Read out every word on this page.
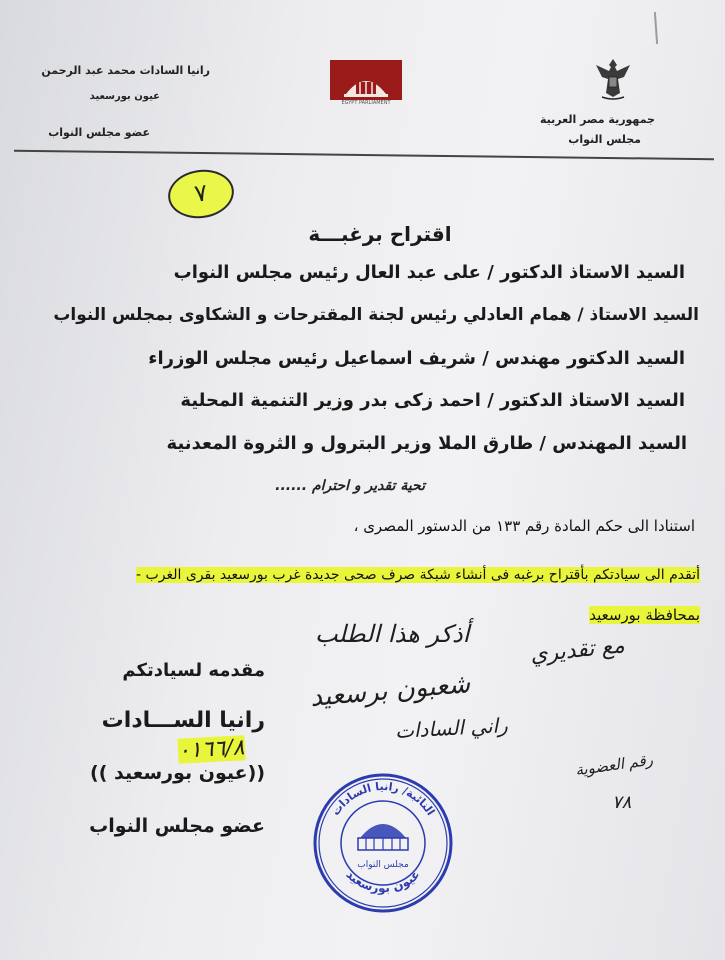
جمهورية مصر العربية
مجلس النواب
EGYPT PARLIAMENT
رانيا السادات محمد عبد الرحمن
عيون بورسعيد
عضو مجلس النواب
٧
اقتراح برغبـــة
السيد الاستاذ الدكتور / على عبد العال رئيس مجلس النواب
السيد الاستاذ / همام العادلي رئيس لجنة المقترحات و الشكاوى بمجلس النواب
السيد الدكتور مهندس / شريف اسماعيل رئيس مجلس الوزراء
السيد الاستاذ الدكتور / احمد زكى بدر وزير التنمية المحلية
السيد المهندس / طارق الملا وزير البترول و الثروة المعدنية
تحية تقدير و احترام ......
استنادا الى حكم المادة رقم ١٣٣ من الدستور المصرى ،
أتقدم الى سيادتكم بأقتراح برغبه فى أنشاء شبكة صرف صحى جديدة غرب بورسعيد بقرى الغرب -
بمحافظة بورسعيد
مقدمه لسيادتكم
رانيا الســـادات
((عيون بورسعيد ))
عضو مجلس النواب
أذكر هذا الطلب	مع تقديري
شعبون برسعيد
راني السادات
رقم العضوية
٠١٦٦/٨
٧٨
النائبة/ رانيا السادات
عيون بورسعيد
مجلس النواب
